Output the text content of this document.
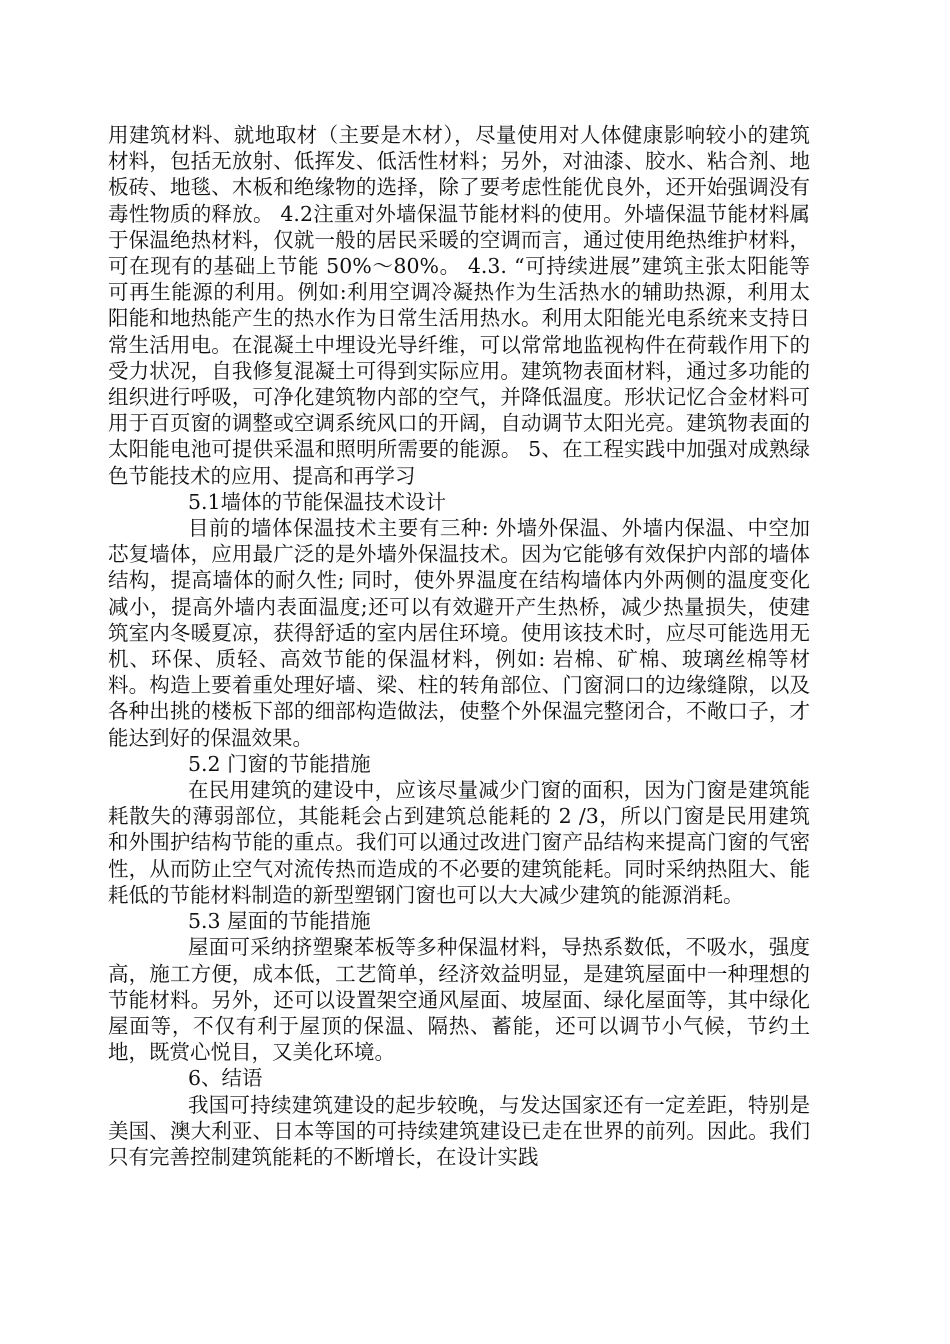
用建筑材料、就地取材（主要是木材），尽量使用对人体健康影响较小的建筑材料，包括无放射、低挥发、低活性材料；另外，对油漆、胶水、粘合剂、地板砖、地毯、木板和绝缘物的选择，除了要考虑性能优良外，还开始强调没有毒性物质的释放。 4.2注重对外墙保温节能材料的使用。外墙保温节能材料属于保温绝热材料，仅就一般的居民采暖的空调而言，通过使用绝热维护材料，可在现有的基础上节能 50%～80%。 4.3. “可持续进展”建筑主张太阳能等可再生能源的利用。例如:利用空调冷凝热作为生活热水的辅助热源，利用太阳能和地热能产生的热水作为日常生活用热水。利用太阳能光电系统来支持日常生活用电。在混凝土中埋设光导纤维，可以常常地监视构件在荷载作用下的受力状况，自我修复混凝土可得到实际应用。建筑物表面材料，通过多功能的组织进行呼吸，可净化建筑物内部的空气，并降低温度。形状记忆合金材料可用于百页窗的调整或空调系统风口的开阔，自动调节太阳光亮。建筑物表面的太阳能电池可提供采温和照明所需要的能源。 5、在工程实践中加强对成熟绿色节能技术的应用、提高和再学习

5.1墙体的节能保温技术设计

目前的墙体保温技术主要有三种: 外墙外保温、外墙内保温、中空加芯复墙体，应用最广泛的是外墙外保温技术。因为它能够有效保护内部的墙体结构，提高墙体的耐久性; 同时，使外界温度在结构墙体内外两侧的温度变化减小，提高外墙内表面温度;还可以有效避开产生热桥，减少热量损失，使建筑室内冬暖夏凉，获得舒适的室内居住环境。使用该技术时，应尽可能选用无机、环保、质轻、高效节能的保温材料，例如: 岩棉、矿棉、玻璃丝棉等材料。构造上要着重处理好墙、梁、柱的转角部位、门窗洞口的边缘缝隙，以及各种出挑的楼板下部的细部构造做法，使整个外保温完整闭合，不敞口子，才能达到好的保温效果。

5.2 门窗的节能措施

在民用建筑的建设中，应该尽量减少门窗的面积，因为门窗是建筑能耗散失的薄弱部位，其能耗会占到建筑总能耗的 2 /3，所以门窗是民用建筑和外围护结构节能的重点。我们可以通过改进门窗产品结构来提高门窗的气密性，从而防止空气对流传热而造成的不必要的建筑能耗。同时采纳热阻大、能耗低的节能材料制造的新型塑钢门窗也可以大大减少建筑的能源消耗。

5.3 屋面的节能措施

屋面可采纳挤塑聚苯板等多种保温材料，导热系数低，不吸水，强度高，施工方便，成本低，工艺简单，经济效益明显，是建筑屋面中一种理想的节能材料。另外，还可以设置架空通风屋面、坡屋面、绿化屋面等，其中绿化屋面等，不仅有利于屋顶的保温、隔热、蓄能，还可以调节小气候，节约土地，既赏心悦目，又美化环境。

6、结语

我国可持续建筑建设的起步较晚，与发达国家还有一定差距，特别是美国、澳大利亚、日本等国的可持续建筑建设已走在世界的前列。因此。我们只有完善控制建筑能耗的不断增长，在设计实践
